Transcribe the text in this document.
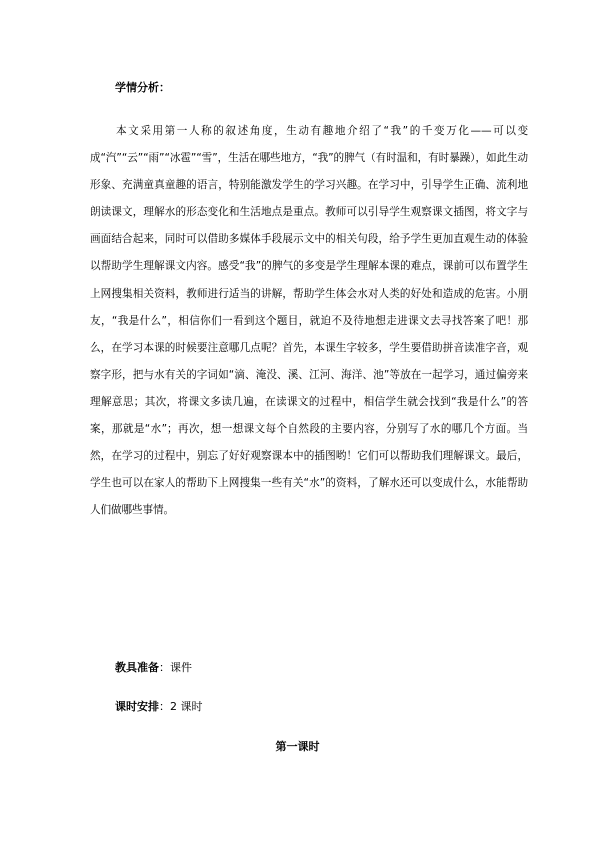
学情分析：

本文采用第一人称的叙述角度，生动有趣地介绍了“我”的千变万化——可以变成“汽”“云”“雨”“冰雹”“雪”，生活在哪些地方，“我”的脾气（有时温和，有时暴躁），如此生动形象、充满童真童趣的语言，特别能激发学生的学习兴趣。在学习中，引导学生正确、流利地朗读课文，理解水的形态变化和生活地点是重点。教师可以引导学生观察课文插图，将文字与画面结合起来，同时可以借助多媒体手段展示文中的相关句段，给予学生更加直观生动的体验以帮助学生理解课文内容。感受“我”的脾气的多变是学生理解本课的难点，课前可以布置学生上网搜集相关资料，教师进行适当的讲解，帮助学生体会水对人类的好处和造成的危害。小朋友，“我是什么”，相信你们一看到这个题目，就迫不及待地想走进课文去寻找答案了吧！那么，在学习本课的时候要注意哪几点呢？首先，本课生字较多，学生要借助拼音读准字音，观察字形，把与水有关的字词如“滴、淹没、溪、江河、海洋、池”等放在一起学习，通过偏旁来理解意思；其次，将课文多读几遍，在读课文的过程中，相信学生就会找到“我是什么”的答案，那就是“水”；再次，想一想课文每个自然段的主要内容，分别写了水的哪几个方面。当然，在学习的过程中，别忘了好好观察课本中的插图哟！它们可以帮助我们理解课文。最后，学生也可以在家人的帮助下上网搜集一些有关“水”的资料，了解水还可以变成什么，水能帮助人们做哪些事情。

教具准备：课件
课时安排：2 课时
第一课时
